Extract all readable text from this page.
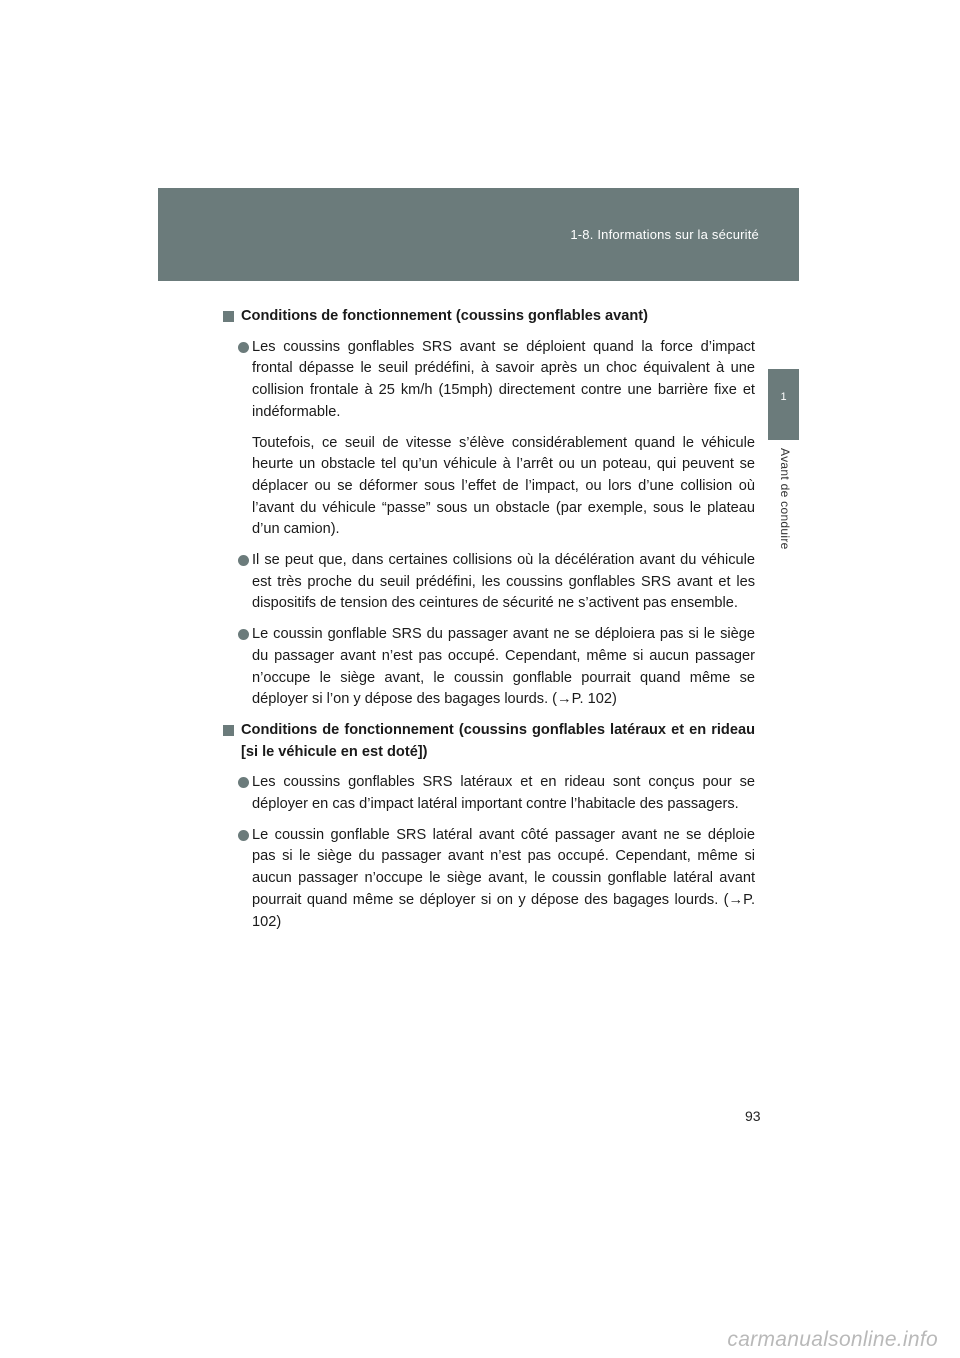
1-8. Informations sur la sécurité
1
Avant de conduire
Conditions de fonctionnement (coussins gonflables avant)

Les coussins gonflables SRS avant se déploient quand la force d’impact frontal dépasse le seuil prédéfini, à savoir après un choc équivalent à une collision frontale à 25 km/h (15mph) directement contre une barrière fixe et indéformable.

Toutefois, ce seuil de vitesse s’élève considérablement quand le véhicule heurte un obstacle tel qu’un véhicule à l’arrêt ou un poteau, qui peuvent se déplacer ou se déformer sous l’effet de l’impact, ou lors d’une collision où l’avant du véhicule “passe” sous un obstacle (par exemple, sous le plateau d’un camion).

Il se peut que, dans certaines collisions où la décélération avant du véhicule est très proche du seuil prédéfini, les coussins gonflables SRS avant et les dispositifs de tension des ceintures de sécurité ne s’activent pas ensemble.

Le coussin gonflable SRS du passager avant ne se déploiera pas si le siège du passager avant n’est pas occupé. Cependant, même si aucun passager n’occupe le siège avant, le coussin gonflable pourrait quand même se déployer si l’on y dépose des bagages lourds. (→P. 102)

Conditions de fonctionnement (coussins gonflables latéraux et en rideau [si le véhicule en est doté])

Les coussins gonflables SRS latéraux et en rideau sont conçus pour se déployer en cas d’impact latéral important contre l’habitacle des passagers.

Le coussin gonflable SRS latéral avant côté passager avant ne se déploie pas si le siège du passager avant n’est pas occupé. Cependant, même si aucun passager n’occupe le siège avant, le coussin gonflable latéral avant pourrait quand même se déployer si on y dépose des bagages lourds. (→P. 102)

93
carmanualsonline.info
